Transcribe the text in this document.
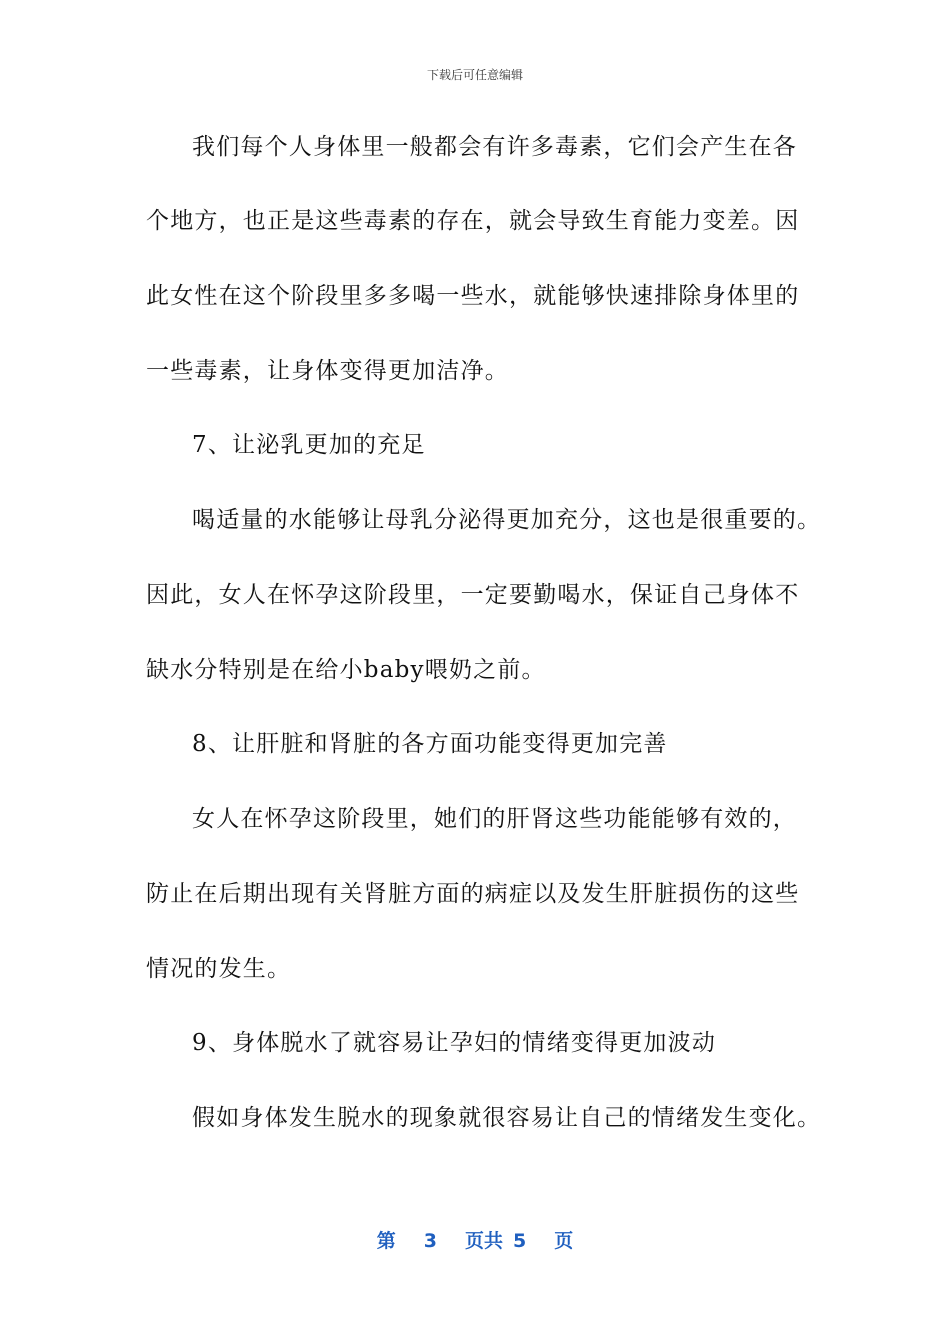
下载后可任意编辑
我们每个人身体里一般都会有许多毒素，它们会产生在各
个地方，也正是这些毒素的存在，就会导致生育能力变差。因
此女性在这个阶段里多多喝一些水，就能够快速排除身体里的
一些毒素，让身体变得更加洁净。
7、让泌乳更加的充足
喝适量的水能够让母乳分泌得更加充分，这也是很重要的。
因此，女人在怀孕这阶段里，一定要勤喝水，保证自己身体不
缺水分特别是在给小baby喂奶之前。
8、让肝脏和肾脏的各方面功能变得更加完善
女人在怀孕这阶段里，她们的肝肾这些功能能够有效的，
防止在后期出现有关肾脏方面的病症以及发生肝脏损伤的这些
情况的发生。
9、身体脱水了就容易让孕妇的情绪变得更加波动
假如身体发生脱水的现象就很容易让自己的情绪发生变化。
第 3 页共 5 页
